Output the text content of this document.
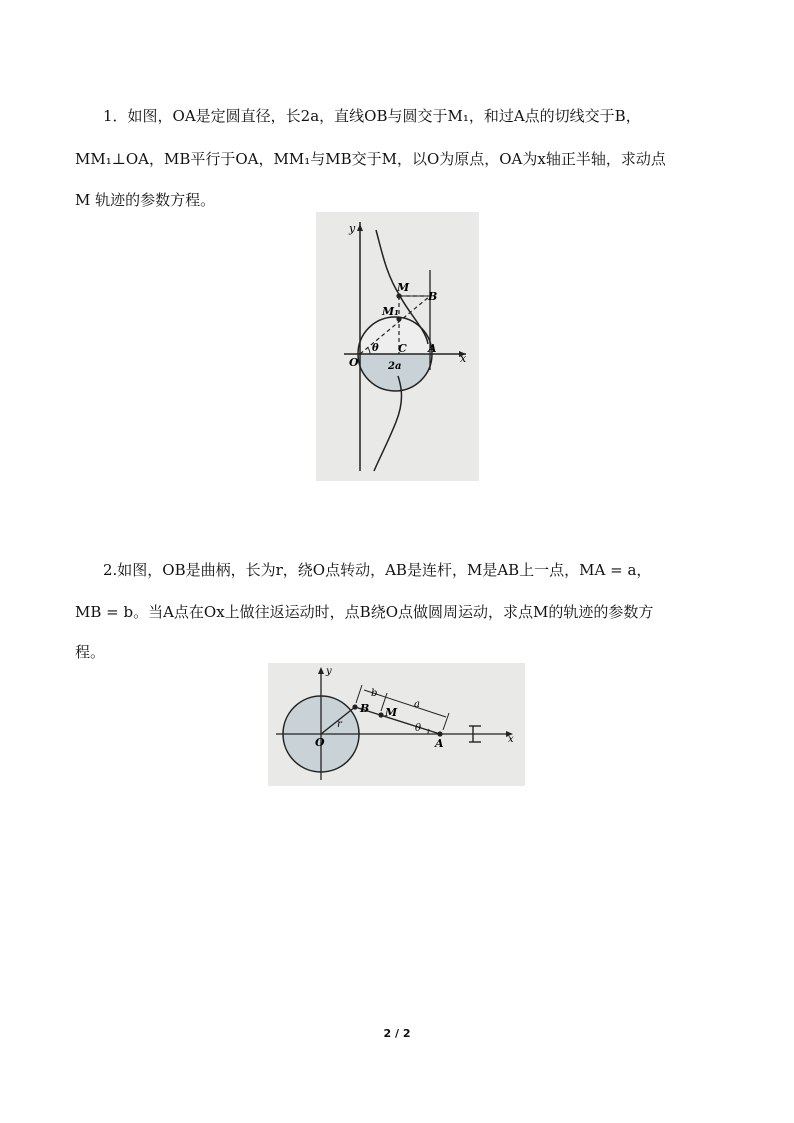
1．如图，OA是定圆直径，长2a，直线OB与圆交于M₁，和过A点的切线交于B，
MM₁⊥OA，MB平行于OA，MM₁与MB交于M，以O为原点，OA为x轴正半轴，求动点
M 轨迹的参数方程。
y
x
O
A
B
M
M₁
C
θ
2a
2.如图，OB是曲柄，长为r，绕O点转动，AB是连杆，M是AB上一点，MA = a，
MB = b。当A点在Ox上做往返运动时，点B绕O点做圆周运动，求点M的轨迹的参数方
程。
y
x
O	A
B M
r	θ
b
a
2 / 2
